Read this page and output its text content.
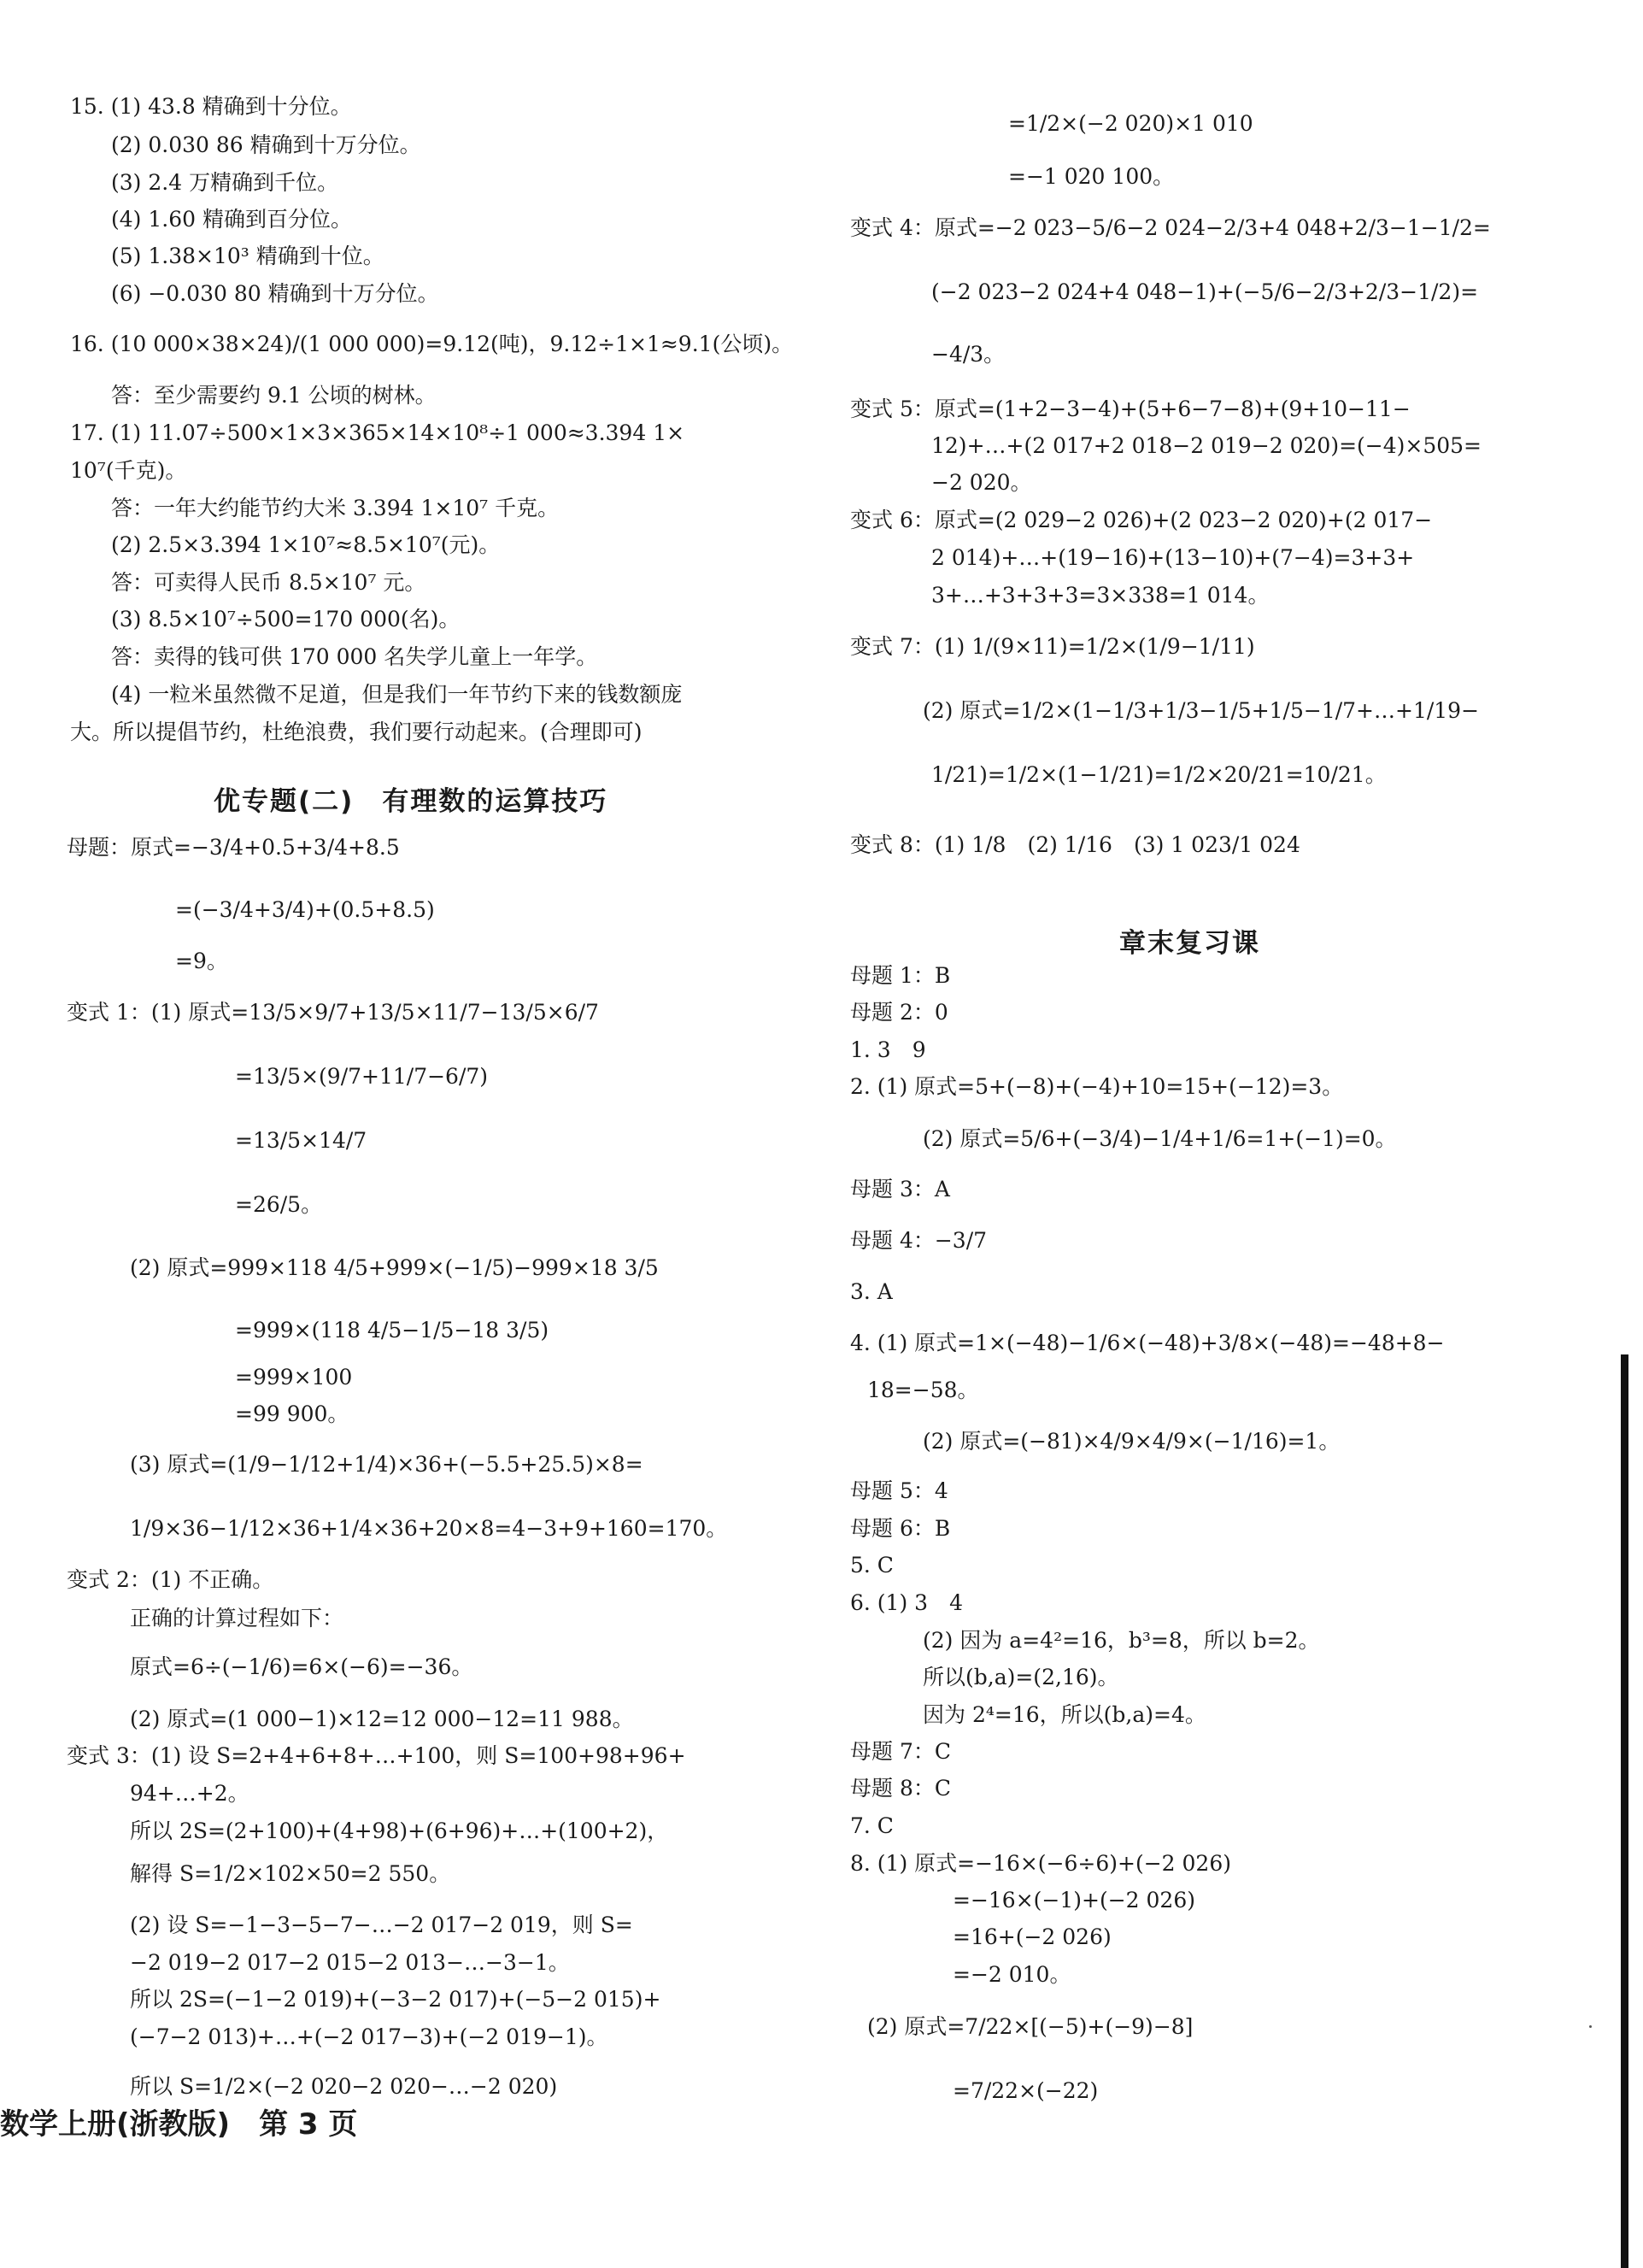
15. (1) 43.8 精确到十分位。
(2) 0.030 86 精确到十万分位。
(3) 2.4 万精确到千位。
(4) 1.60 精确到百分位。
(5) 1.38×10³ 精确到十位。
(6) −0.030 80 精确到十万分位。
16. (10 000×38×24)/(1 000 000)=9.12(吨)，9.12÷1×1≈9.1(公顷)。
答：至少需要约 9.1 公顷的树林。
17. (1) 11.07÷500×1×3×365×14×10⁸÷1 000≈3.394 1×
10⁷(千克)。
答：一年大约能节约大米 3.394 1×10⁷ 千克。
(2) 2.5×3.394 1×10⁷≈8.5×10⁷(元)。
答：可卖得人民币 8.5×10⁷ 元。
(3) 8.5×10⁷÷500=170 000(名)。
答：卖得的钱可供 170 000 名失学儿童上一年学。
(4) 一粒米虽然微不足道，但是我们一年节约下来的钱数额庞
大。所以提倡节约，杜绝浪费，我们要行动起来。(合理即可)
优专题(二)　有理数的运算技巧
母题：原式=−3/4+0.5+3/4+8.5
=(−3/4+3/4)+(0.5+8.5)
=9。
变式 1：(1) 原式=13/5×9/7+13/5×11/7−13/5×6/7
=13/5×(9/7+11/7−6/7)
=13/5×14/7
=26/5。
(2) 原式=999×118 4/5+999×(−1/5)−999×18 3/5
=999×(118 4/5−1/5−18 3/5)
=999×100
=99 900。
(3) 原式=(1/9−1/12+1/4)×36+(−5.5+25.5)×8=
1/9×36−1/12×36+1/4×36+20×8=4−3+9+160=170。
变式 2：(1) 不正确。
正确的计算过程如下：
原式=6÷(−1/6)=6×(−6)=−36。
(2) 原式=(1 000−1)×12=12 000−12=11 988。
变式 3：(1) 设 S=2+4+6+8+…+100，则 S=100+98+96+
94+…+2。
所以 2S=(2+100)+(4+98)+(6+96)+…+(100+2)，
解得 S=1/2×102×50=2 550。
(2) 设 S=−1−3−5−7−…−2 017−2 019，则 S=
−2 019−2 017−2 015−2 013−…−3−1。
所以 2S=(−1−2 019)+(−3−2 017)+(−5−2 015)+
(−7−2 013)+…+(−2 017−3)+(−2 019−1)。
所以 S=1/2×(−2 020−2 020−…−2 020)
=1/2×(−2 020)×1 010
=−1 020 100。
变式 4：原式=−2 023−5/6−2 024−2/3+4 048+2/3−1−1/2=
(−2 023−2 024+4 048−1)+(−5/6−2/3+2/3−1/2)=
−4/3。
变式 5：原式=(1+2−3−4)+(5+6−7−8)+(9+10−11−
12)+…+(2 017+2 018−2 019−2 020)=(−4)×505=
−2 020。
变式 6：原式=(2 029−2 026)+(2 023−2 020)+(2 017−
2 014)+…+(19−16)+(13−10)+(7−4)=3+3+
3+…+3+3+3=3×338=1 014。
变式 7：(1) 1/(9×11)=1/2×(1/9−1/11)
(2) 原式=1/2×(1−1/3+1/3−1/5+1/5−1/7+…+1/19−
1/21)=1/2×(1−1/21)=1/2×20/21=10/21。
变式 8：(1) 1/8　(2) 1/16　(3) 1 023/1 024
章末复习课
母题 1：B
母题 2：0
1. 3　9
2. (1) 原式=5+(−8)+(−4)+10=15+(−12)=3。
(2) 原式=5/6+(−3/4)−1/4+1/6=1+(−1)=0。
母题 3：A
母题 4：−3/7
3. A
4. (1) 原式=1×(−48)−1/6×(−48)+3/8×(−48)=−48+8−
18=−58。
(2) 原式=(−81)×4/9×4/9×(−1/16)=1。
母题 5：4
母题 6：B
5. C
6. (1) 3　4
(2) 因为 a=4²=16，b³=8，所以 b=2。
所以(b,a)=(2,16)。
因为 2⁴=16，所以(b,a)=4。
母题 7：C
母题 8：C
7. C
8. (1) 原式=−16×(−6÷6)+(−2 026)
=−16×(−1)+(−2 026)
=16+(−2 026)
=−2 010。
(2) 原式=7/22×[(−5)+(−9)−8]
=7/22×(−22)
数学上册(浙教版)　第 3 页
